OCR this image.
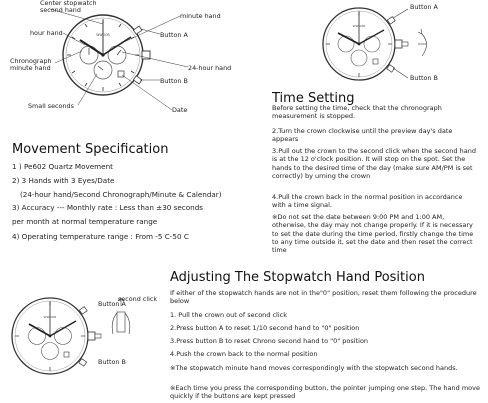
WWOOR
Center stopwatch
second hand
minute hand
hour hand
Chronograph
minute hand
Button A
24-hour hand
Button B
Small seconds	Date
WWOOR
Button A
Button B
Movement Specification
1 ) Pe602 Quartz Movement
2) 3 Hands with 3 Eyes/Date
(24-hour hand/Second Chronograph/Minute & Calendar)
3) Accuracy --- Monthly rate : Less than ±30 seconds
per month at normal temperature range
4) Operating temperature range : From -5 C-50 C
Time Setting
Before setting the time, check that the chronograph measurement is stopped.
2.Turn the crown clockwise until the preview day's date appears
3.Pull out the crown to the second click when the second hand is at the 12 o'clock position. It will stop on the spot. Set the hands to the desired time of the day (make sure AM/PM is set correctly) by urning the crown
4.Pull the crown back in the normal position in accordance with a time signal.
※Do not set the date between 9:00 PM and 1:00 AM, otherwise, the day may not change properly. If it is necessary to set the date during the time period, firstly change the time to any time outside it, set the date and then reset the correct time
WWOOR
Button A
Button B
second click
Adjusting The Stopwatch Hand Position
If either of the stopwatch hands are not in the"0" position, reset them following the procedure below
1. Pull the crown out of second click
2.Press button A to reset 1/10 second hand to "0" position
3.Press button B to reset Chrono second hand to "0" position
4.Push the crown back to the normal position
※The stopwatch minute hand moves correspondingly with the stopwatch second hands.
※Each time you press the corresponding button, the pointer jumping one step. The hand move quickly if the buttons are kept pressed
